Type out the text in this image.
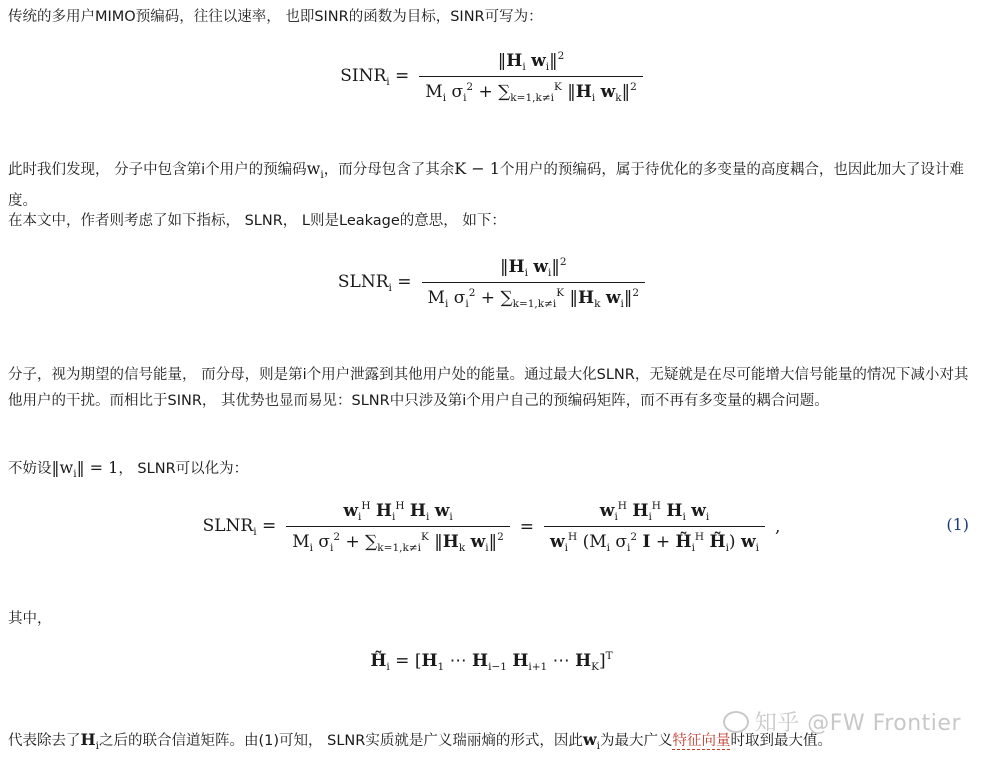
传统的多用户MIMO预编码，往往以速率， 也即SINR的函数为目标，SINR可写为：

$SINR_i = \frac{‖H_i w_i‖^2}{M_i \sigma_i^2 + \sum_{k=1,k\ne i}^K ‖H_i w_k‖^2}$

此时我们发现， 分子中包含第i个用户的预编码$w_i$，而分母包含了其余K − 1个用户的预编码，属于待优化的多变量的高度耦合，也因此加大了设计难度。

在本文中，作者则考虑了如下指标， SLNR， L则是Leakage的意思， 如下：

$SLNR_i = \frac{‖H_i w_i‖^2}{M_i \sigma_i^2 + \sum_{k=1,k\ne i}^K ‖H_k w_i‖^2}$

分子，视为期望的信号能量， 而分母，则是第i个用户泄露到其他用户处的能量。通过最大化SLNR，无疑就是在尽可能增大信号能量的情况下减小对其他用户的干扰。而相比于SINR， 其优势也显而易见：SLNR中只涉及第i个用户自己的预编码矩阵，而不再有多变量的耦合问题。

不妨设$‖w_i‖ = 1$， SLNR可以化为：

$SLNR_i = \frac{w_i^H H_i^H H_i w_i}{M_i \sigma_i^2 + \sum_{k=1,k\ne i}^K ‖H_k w_i‖^2} = \frac{w_i^H H_i^H H_i w_i}{w_i^H (M_i \sigma_i^2 I + H̃_i^H H̃_i) w_i}$ ,	(1)

其中，

$H̃_i = [H_1$ ⋯ $H_{i-1}$ $H_{i+1}$ ⋯ $H_K]^T$

代表除去了$H_i$之后的联合信道矩阵。由(1)可知， SLNR实质就是广义瑞丽熵的形式，因此$w_i$为最大广义特征向量时取到最大值。

知乎 @FW Frontier
